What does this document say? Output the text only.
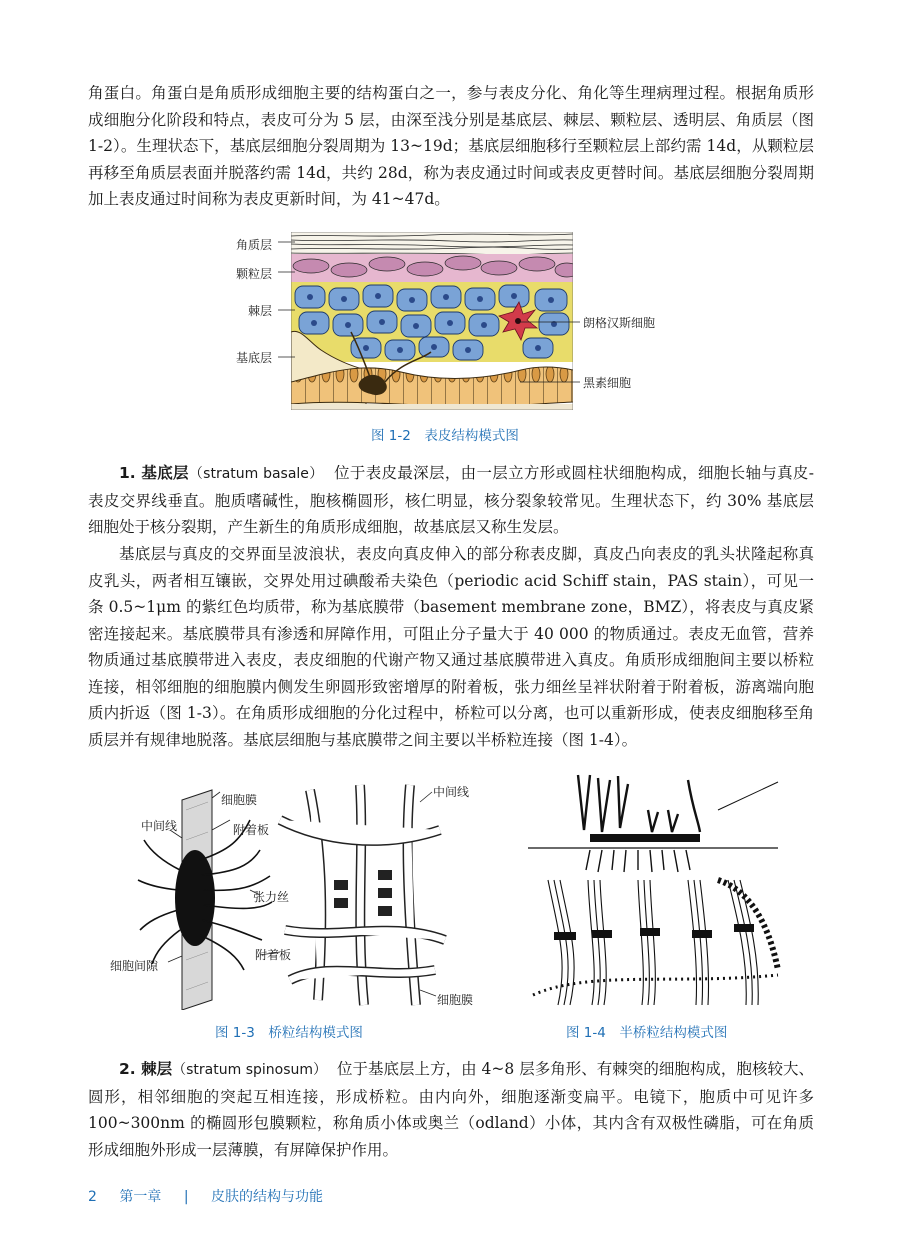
角蛋白。角蛋白是角质形成细胞主要的结构蛋白之一，参与表皮分化、角化等生理病理过程。根据角质形成细胞分化阶段和特点，表皮可分为 5 层，由深至浅分别是基底层、棘层、颗粒层、透明层、角质层（图 1-2）。生理状态下，基底层细胞分裂周期为 13~19d；基底层细胞移行至颗粒层上部约需 14d，从颗粒层再移至角质层表面并脱落约需 14d，共约 28d，称为表皮通过时间或表皮更替时间。基底层细胞分裂周期加上表皮通过时间称为表皮更新时间，为 41~47d。

角质层
颗粒层
棘层
基底层
朗格汉斯细胞
黑素细胞
图 1-2　表皮结构模式图

1. 基底层（stratum basale） 位于表皮最深层，由一层立方形或圆柱状细胞构成，细胞长轴与真皮-表皮交界线垂直。胞质嗜碱性，胞核椭圆形，核仁明显，核分裂象较常见。生理状态下，约 30% 基底层细胞处于核分裂期，产生新生的角质形成细胞，故基底层又称生发层。

基底层与真皮的交界面呈波浪状，表皮向真皮伸入的部分称表皮脚，真皮凸向表皮的乳头状隆起称真皮乳头，两者相互镶嵌，交界处用过碘酸希夫染色（periodic acid Schiff stain，PAS stain），可见一条 0.5~1μm 的紫红色均质带，称为基底膜带（basement membrane zone，BMZ），将表皮与真皮紧密连接起来。基底膜带具有渗透和屏障作用，可阻止分子量大于 40 000 的物质通过。表皮无血管，营养物质通过基底膜带进入表皮，表皮细胞的代谢产物又通过基底膜带进入真皮。角质形成细胞间主要以桥粒连接，相邻细胞的细胞膜内侧发生卵圆形致密增厚的附着板，张力细丝呈袢状附着于附着板，游离端向胞质内折返（图 1-3）。在角质形成细胞的分化过程中，桥粒可以分离，也可以重新形成，使表皮细胞移至角质层并有规律地脱落。基底层细胞与基底膜带之间主要以半桥粒连接（图 1-4）。

细胞膜
中间线	附着板
张力丝
附着板
细胞间隙
中间线
细胞膜
图 1-3　桥粒结构模式图	图 1-4　半桥粒结构模式图

2. 棘层（stratum spinosum） 位于基底层上方，由 4~8 层多角形、有棘突的细胞构成，胞核较大、圆形，相邻细胞的突起互相连接，形成桥粒。由内向外，细胞逐渐变扁平。电镜下，胞质中可见许多 100~300nm 的椭圆形包膜颗粒，称角质小体或奥兰（odland）小体，其内含有双极性磷脂，可在角质形成细胞外形成一层薄膜，有屏障保护作用。

2 第一章 | 皮肤的结构与功能
